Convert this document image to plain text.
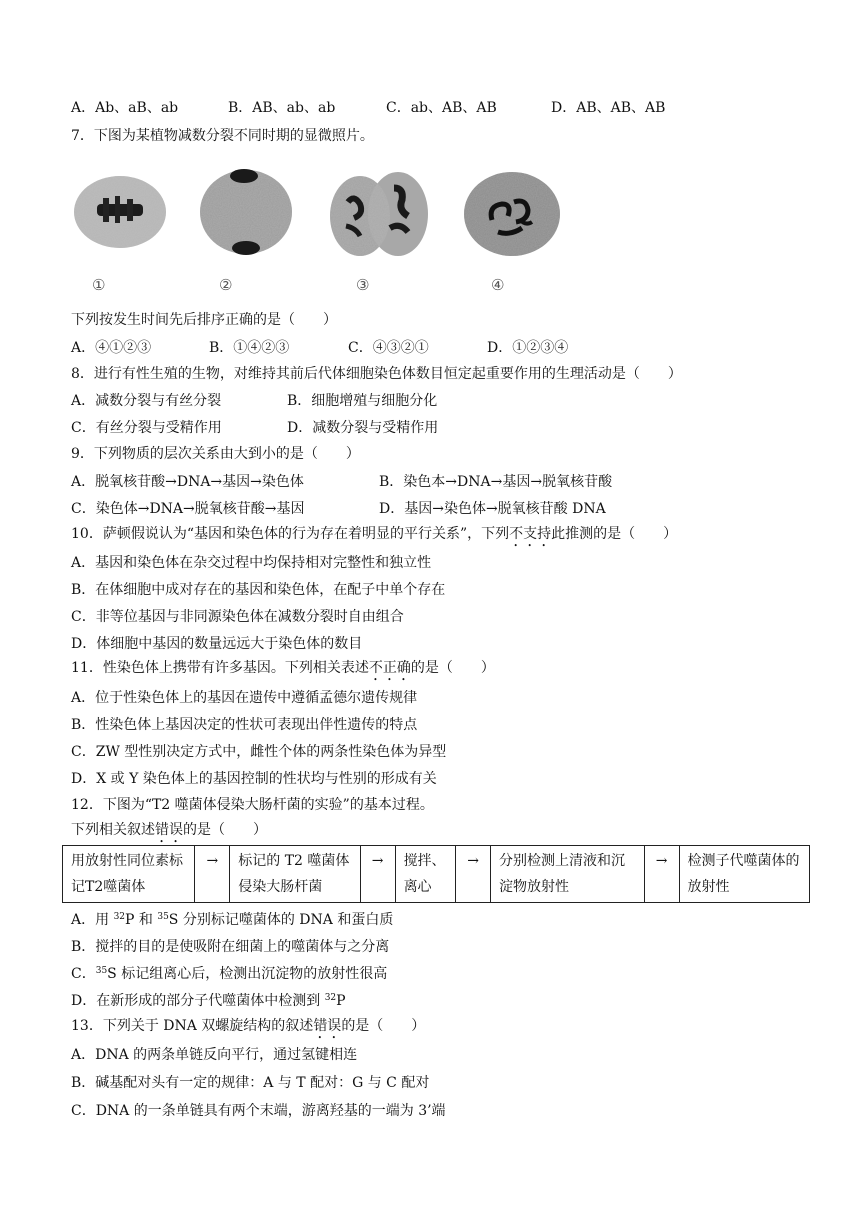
A．Ab、aB、ab	B．AB、ab、ab	C．ab、AB、AB	D．AB、AB、AB
7．下图为某植物减数分裂不同时期的显微照片。
①	②	③	④
下列按发生时间先后排序正确的是（　　）
A．④①②③	B．①④②③	C．④③②①	D．①②③④
8．进行有性生殖的生物，对维持其前后代体细胞染色体数目恒定起重要作用的生理活动是（　　）
A．减数分裂与有丝分裂	B．细胞增殖与细胞分化
C．有丝分裂与受精作用	D．减数分裂与受精作用
9．下列物质的层次关系由大到小的是（　　）
A．脱氧核苷酸→DNA→基因→染色体	B．染色本→DNA→基因→脱氧核苷酸
C．染色体→DNA→脱氧核苷酸→基因	D．基因→染色体→脱氧核苷酸 DNA
10．萨顿假说认为“基因和染色体的行为存在着明显的平行关系”，下列不支持此推测的是（　　）
A．基因和染色体在杂交过程中均保持相对完整性和独立性
B．在体细胞中成对存在的基因和染色体，在配子中单个存在
C．非等位基因与非同源染色体在减数分裂时自由组合
D．体细胞中基因的数量远远大于染色体的数目
11．性染色体上携带有许多基因。下列相关表述不正确的是（　　）
A．位于性染色体上的基因在遗传中遵循孟德尔遗传规律
B．性染色体上基因决定的性状可表现出伴性遗传的特点
C．ZW 型性别决定方式中，雌性个体的两条性染色体为异型
D．X 或 Y 染色体上的基因控制的性状均与性别的形成有关
12．下图为“T2 噬菌体侵染大肠杆菌的实验”的基本过程。
下列相关叙述错误的是（　　）
用放射性同位素标记T2噬菌体	→	标记的 T2 噬菌体侵染大肠杆菌	→	搅拌、离心	→	分别检测上清液和沉淀物放射性	→	检测子代噬菌体的放射性
A．用 $^{32}$P 和 $^{35}$S 分别标记噬菌体的 DNA 和蛋白质
B．搅拌的目的是使吸附在细菌上的噬菌体与之分离
C．$^{35}$S 标记组离心后，检测出沉淀物的放射性很高
D．在新形成的部分子代噬菌体中检测到 $^{32}$P
13．下列关于 DNA 双螺旋结构的叙述错误的是（　　）
A．DNA 的两条单链反向平行，通过氢键相连
B．碱基配对头有一定的规律：A 与 T 配对：G 与 C 配对
C．DNA 的一条单链具有两个末端，游离羟基的一端为 3’端
